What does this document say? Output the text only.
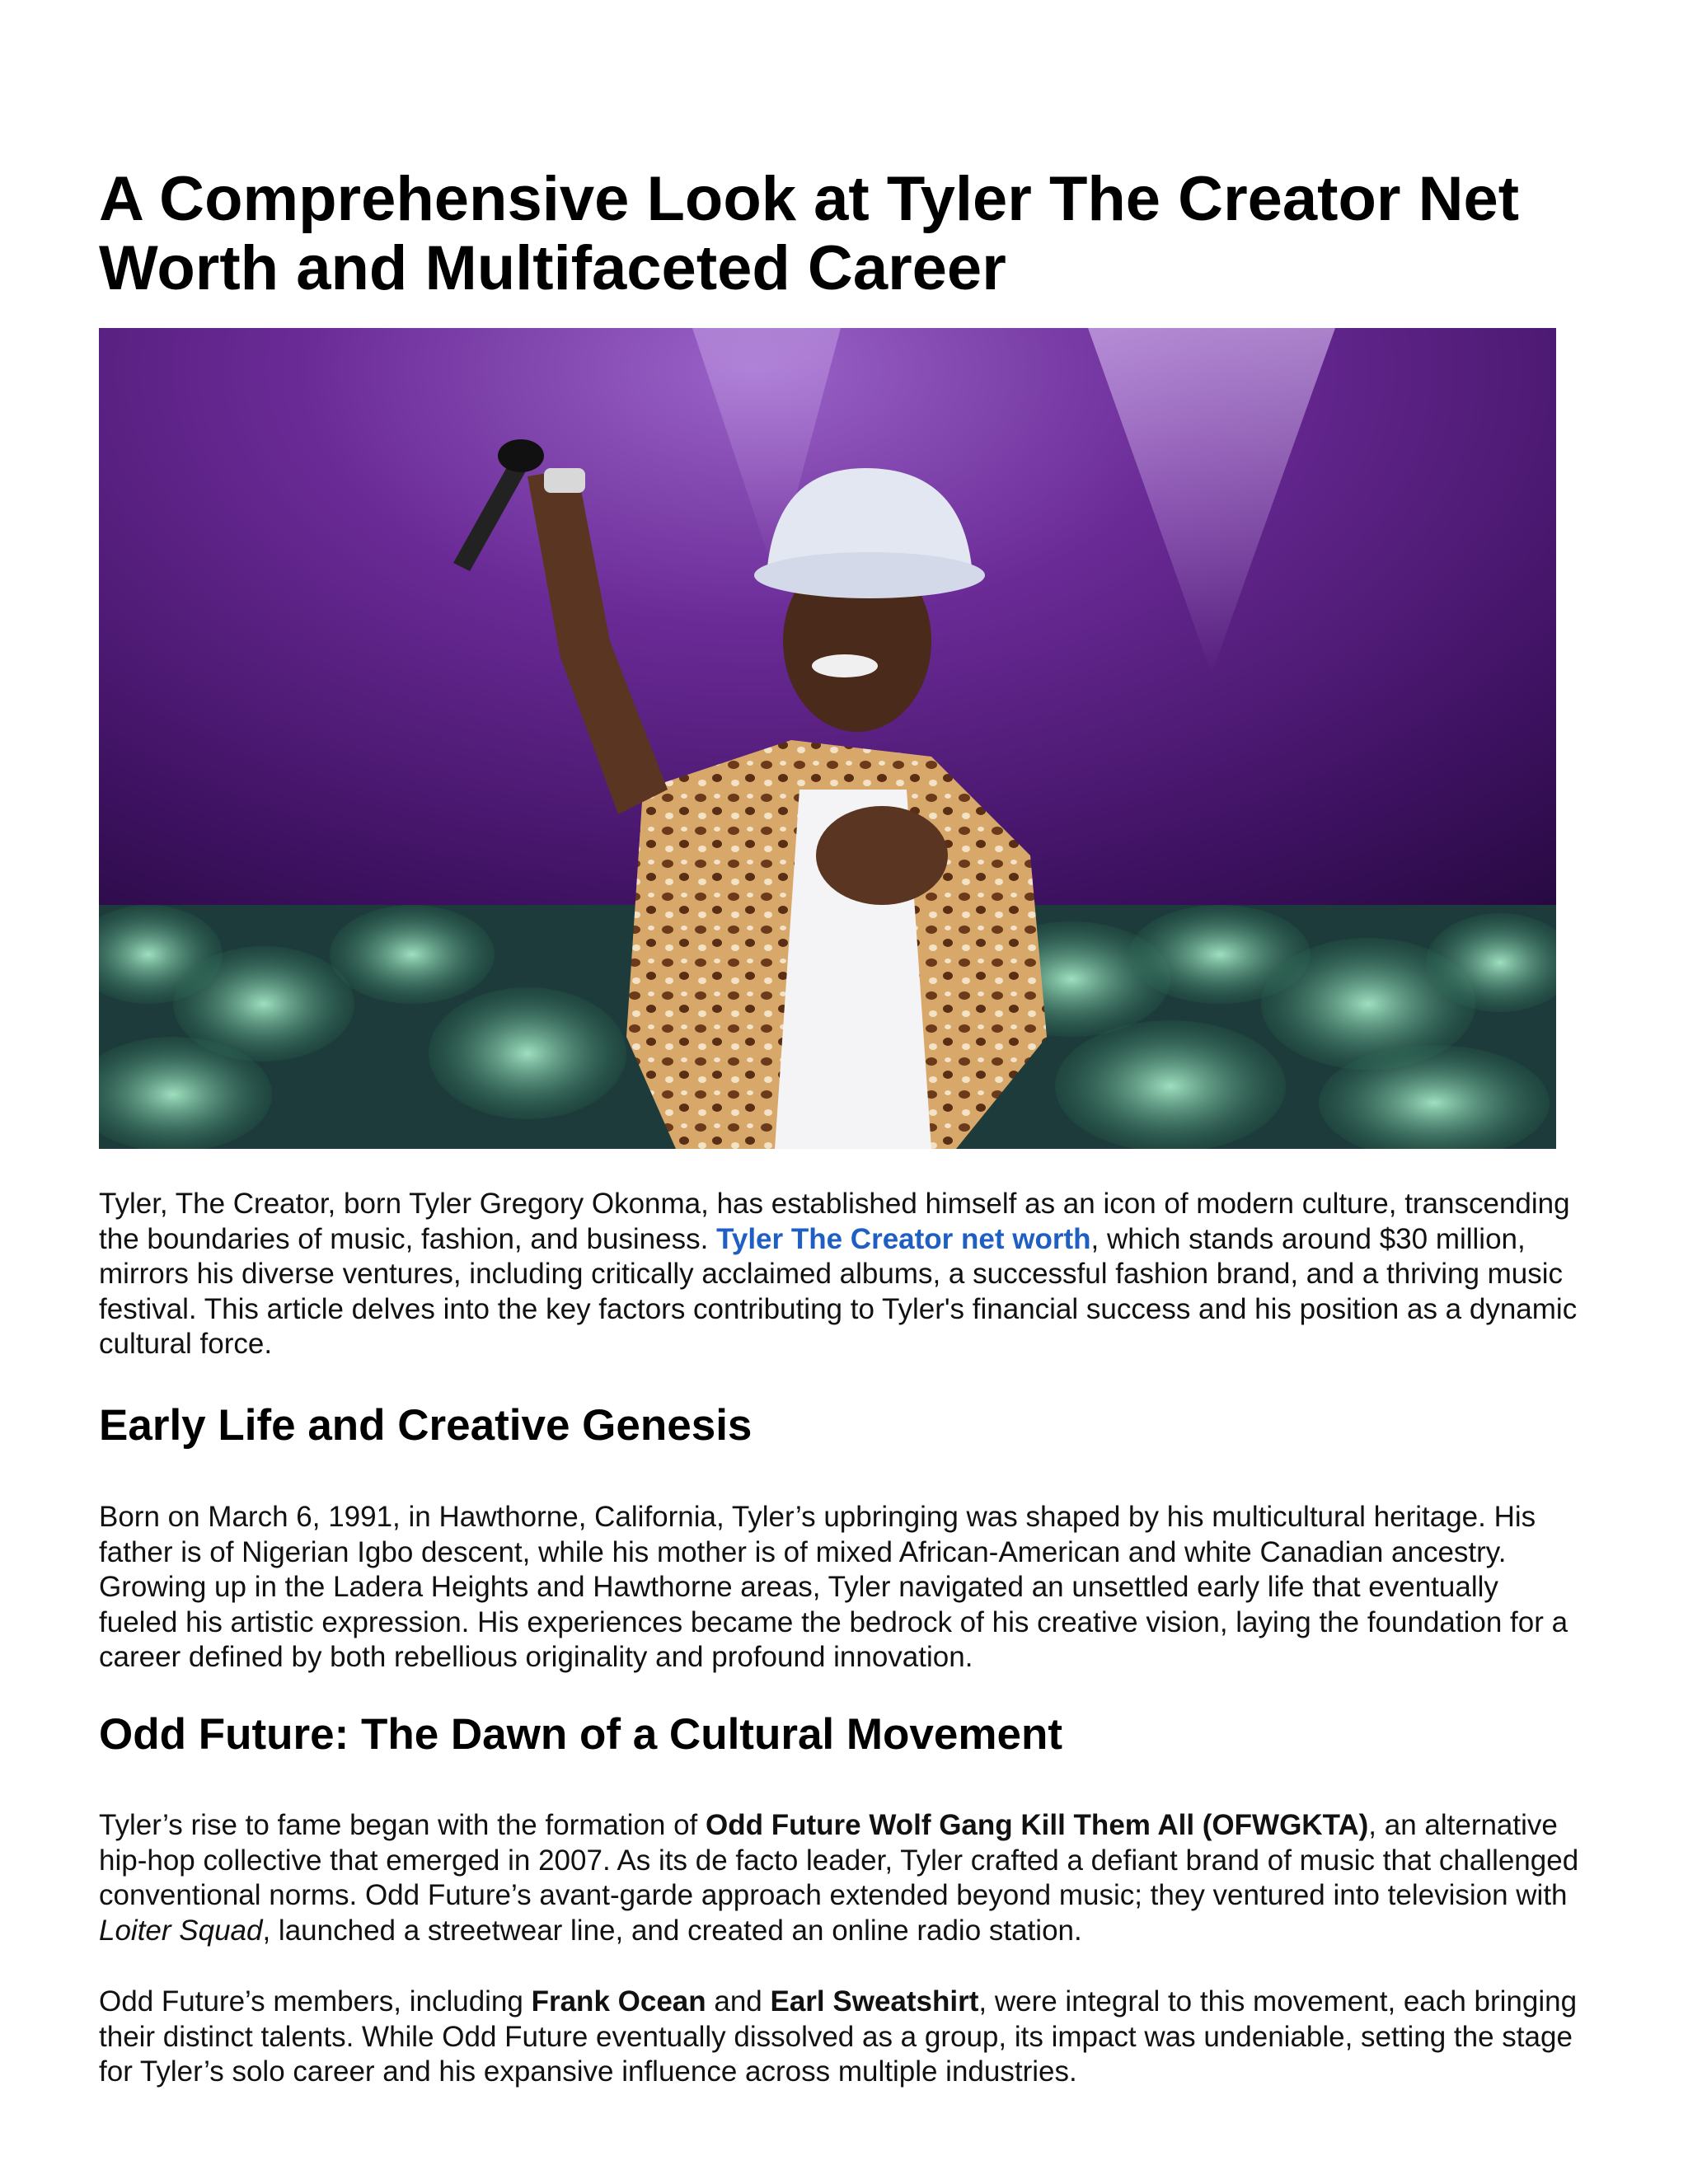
A Comprehensive Look at Tyler The Creator Net Worth and Multifaceted Career

Tyler, The Creator, born Tyler Gregory Okonma, has established himself as an icon of modern culture, transcending the boundaries of music, fashion, and business. Tyler The Creator net worth, which stands around $30 million, mirrors his diverse ventures, including critically acclaimed albums, a successful fashion brand, and a thriving music festival. This article delves into the key factors contributing to Tyler's financial success and his position as a dynamic cultural force.

Early Life and Creative Genesis

Born on March 6, 1991, in Hawthorne, California, Tyler’s upbringing was shaped by his multicultural heritage. His father is of Nigerian Igbo descent, while his mother is of mixed African-American and white Canadian ancestry. Growing up in the Ladera Heights and Hawthorne areas, Tyler navigated an unsettled early life that eventually fueled his artistic expression. His experiences became the bedrock of his creative vision, laying the foundation for a career defined by both rebellious originality and profound innovation.

Odd Future: The Dawn of a Cultural Movement

Tyler’s rise to fame began with the formation of Odd Future Wolf Gang Kill Them All (OFWGKTA), an alternative hip-hop collective that emerged in 2007. As its de facto leader, Tyler crafted a defiant brand of music that challenged conventional norms. Odd Future’s avant-garde approach extended beyond music; they ventured into television with Loiter Squad, launched a streetwear line, and created an online radio station.

Odd Future’s members, including Frank Ocean and Earl Sweatshirt, were integral to this movement, each bringing their distinct talents. While Odd Future eventually dissolved as a group, its impact was undeniable, setting the stage for Tyler’s solo career and his expansive influence across multiple industries.
